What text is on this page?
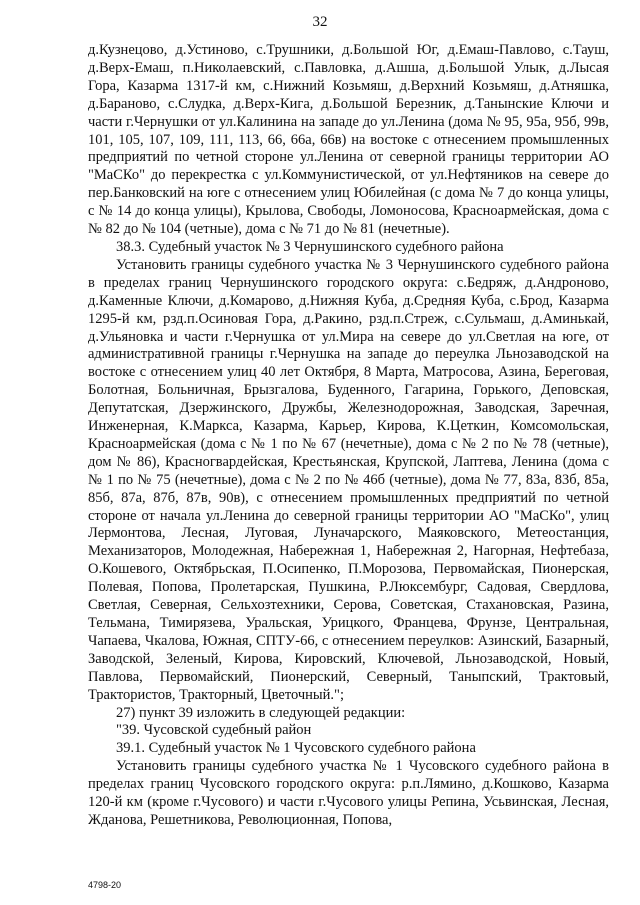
32

д.Кузнецово, д.Устиново, с.Трушники, д.Большой Юг, д.Емаш-Павлово, с.Тауш, д.Верх-Емаш, п.Николаевский, с.Павловка, д.Ашша, д.Большой Улык, д.Лысая Гора, Казарма 1317-й км, с.Нижний Козьмяш, д.Верхний Козьмяш, д.Атняшка, д.Бараново, с.Слудка, д.Верх-Кига, д.Большой Березник, д.Танынские Ключи и части г.Чернушки от ул.Калинина на западе до ул.Ленина (дома № 95, 95а, 95б, 99в, 101, 105, 107, 109, 111, 113, 66, 66а, 66в) на востоке с отнесением промышленных предприятий по четной стороне ул.Ленина от северной границы территории АО "МаСКо" до перекрестка с ул.Коммунистической, от ул.Нефтяников на севере до пер.Банковский на юге с отнесением улиц Юбилейная (с дома № 7 до конца улицы, с № 14 до конца улицы), Крылова, Свободы, Ломоносова, Красноармейская, дома с № 82 до № 104 (четные), дома с № 71 до № 81 (нечетные).

38.3. Судебный участок № 3 Чернушинского судебного района

Установить границы судебного участка № 3 Чернушинского судебного района в пределах границ Чернушинского городского округа: с.Бедряж, д.Андроново, д.Каменные Ключи, д.Комарово, д.Нижняя Куба, д.Средняя Куба, с.Брод, Казарма 1295-й км, рзд.п.Осиновая Гора, д.Ракино, рзд.п.Стреж, с.Сульмаш, д.Аминькай, д.Ульяновка и части г.Чернушка от ул.Мира на севере до ул.Светлая на юге, от административной границы г.Чернушка на западе до переулка Льнозаводской на востоке с отнесением улиц 40 лет Октября, 8 Марта, Матросова, Азина, Береговая, Болотная, Больничная, Брызгалова, Буденного, Гагарина, Горького, Деповская, Депутатская, Дзержинского, Дружбы, Железнодорожная, Заводская, Заречная, Инженерная, К.Маркса, Казарма, Карьер, Кирова, К.Цеткин, Комсомольская, Красноармейская (дома с № 1 по № 67 (нечетные), дома с № 2 по № 78 (четные), дом № 86), Красногвардейская, Крестьянская, Крупской, Лаптева, Ленина (дома с № 1 по № 75 (нечетные), дома с № 2 по № 46б (четные), дома № 77, 83а, 83б, 85а, 85б, 87а, 87б, 87в, 90в), с отнесением промышленных предприятий по четной стороне от начала ул.Ленина до северной границы территории АО "МаСКо", улиц Лермонтова, Лесная, Луговая, Луначарского, Маяковского, Метеостанция, Механизаторов, Молодежная, Набережная 1, Набережная 2, Нагорная, Нефтебаза, О.Кошевого, Октябрьская, П.Осипенко, П.Морозова, Первомайская, Пионерская, Полевая, Попова, Пролетарская, Пушкина, Р.Люксембург, Садовая, Свердлова, Светлая, Северная, Сельхозтехники, Серова, Советская, Стахановская, Разина, Тельмана, Тимирязева, Уральская, Урицкого, Францева, Фрунзе, Центральная, Чапаева, Чкалова, Южная, СПТУ-66, с отнесением переулков: Азинский, Базарный, Заводской, Зеленый, Кирова, Кировский, Ключевой, Льнозаводской, Новый, Павлова, Первомайский, Пионерский, Северный, Таныпский, Трактовый, Трактористов, Тракторный, Цветочный.";

27) пункт 39 изложить в следующей редакции:

"39. Чусовской судебный район

39.1. Судебный участок № 1 Чусовского судебного района

Установить границы судебного участка № 1 Чусовского судебного района в пределах границ Чусовского городского округа: р.п.Лямино, д.Кошково, Казарма 120-й км (кроме г.Чусового) и части г.Чусового улицы Репина, Усьвинская, Лесная, Жданова, Решетникова, Революционная, Попова,

4798-20
